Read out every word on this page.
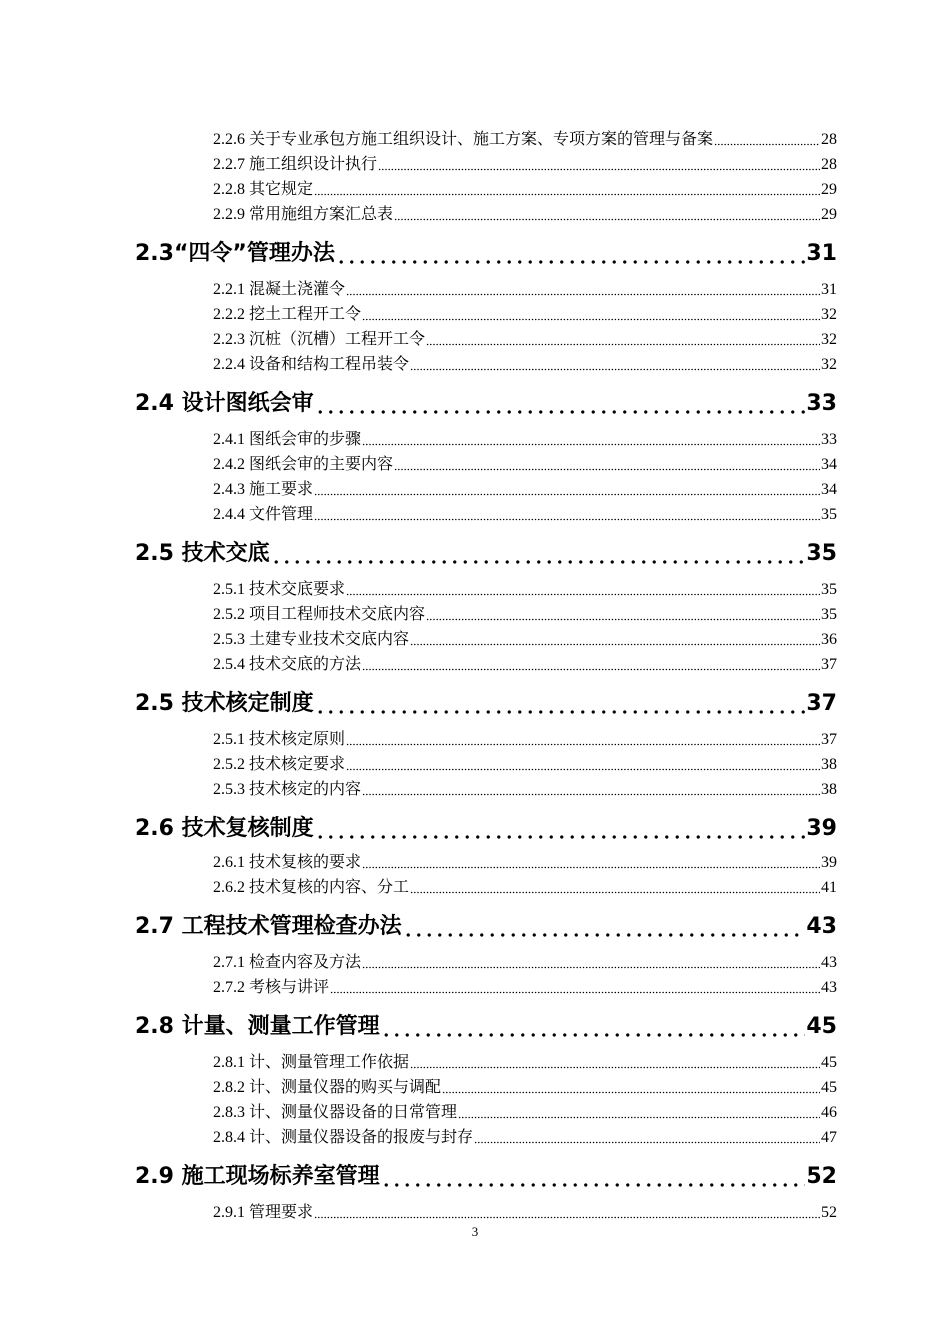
2.2.6 关于专业承包方施工组织设计、施工方案、专项方案的管理与备案	28
2.2.7 施工组织设计执行	28
2.2.8 其它规定	29
2.2.9 常用施组方案汇总表	29
2.3“四令”管理办法	31
2.2.1 混凝土浇灌令	31
2.2.2 挖土工程开工令	32
2.2.3 沉桩（沉槽）工程开工令	32
2.2.4 设备和结构工程吊装令	32
2.4 设计图纸会审	33
2.4.1 图纸会审的步骤	33
2.4.2 图纸会审的主要内容	34
2.4.3 施工要求	34
2.4.4 文件管理	35
2.5 技术交底	35
2.5.1 技术交底要求	35
2.5.2 项目工程师技术交底内容	35
2.5.3 土建专业技术交底内容	36
2.5.4 技术交底的方法	37
2.5 技术核定制度	37
2.5.1 技术核定原则	37
2.5.2 技术核定要求	38
2.5.3 技术核定的内容	38
2.6 技术复核制度	39
2.6.1 技术复核的要求	39
2.6.2 技术复核的内容、分工	41
2.7 工程技术管理检查办法	43
2.7.1 检查内容及方法	43
2.7.2 考核与讲评	43
2.8 计量、测量工作管理	45
2.8.1 计、测量管理工作依据	45
2.8.2 计、测量仪器的购买与调配	45
2.8.3 计、测量仪器设备的日常管理	46
2.8.4 计、测量仪器设备的报废与封存	47
2.9 施工现场标养室管理	52
2.9.1 管理要求	52
3
